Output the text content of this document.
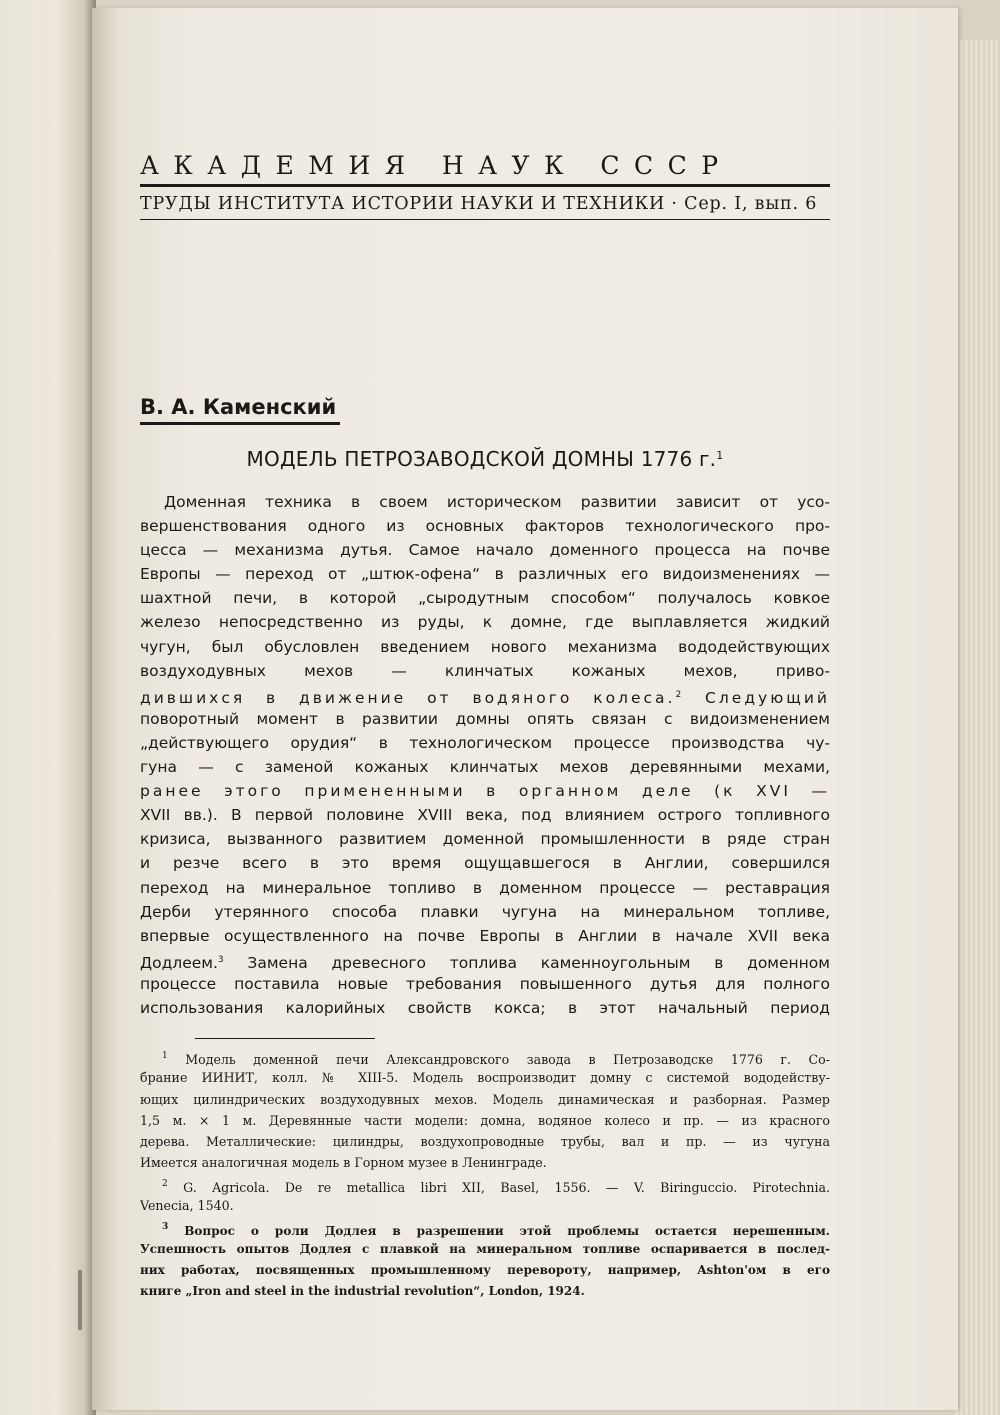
АКАДЕМИЯ НАУК СССР
ТРУДЫ ИНСТИТУТА ИСТОРИИ НАУКИ И ТЕХНИКИ · Сер. I, вып. 6
В. А. Каменский
МОДЕЛЬ ПЕТРОЗАВОДСКОЙ ДОМНЫ 1776 г.$^1$
Доменная техника в своем историческом развитии зависит от усо-
вершенствования одного из основных факторов технологического про-
цесса — механизма дутья. Самое начало доменного процесса на почве
Европы — переход от „штюк-офена“ в различных его видоизменениях —
шахтной печи, в которой „сыродутным способом“ получалось ковкое
железо непосредственно из руды, к домне, где выплавляется жидкий
чугун, был обусловлен введением нового механизма вододействующих
воздуходувных мехов — клинчатых кожаных мехов, приво-
дившихся в движение от водяного колеса.$^2$ Следующий
поворотный момент в развитии домны опять связан с видоизменением
„действующего орудия“ в технологическом процессе производства чу-
гуна — с заменой кожаных клинчатых мехов деревянными мехами,
ранее этого примененными в органном деле (к XVI —
XVII вв.). В первой половине XVIII века, под влиянием острого топливного
кризиса, вызванного развитием доменной промышленности в ряде стран
и резче всего в это время ощущавшегося в Англии, совершился
переход на минеральное топливо в доменном процессе — реставрация
Дерби утерянного способа плавки чугуна на минеральном топливе,
впервые осуществленного на почве Европы в Англии в начале XVII века
Додлеем.$^3$ Замена древесного топлива каменноугольным в доменном
процессе поставила новые требования повышенного дутья для полного
использования калорийных свойств кокса; в этот начальный период
$^1$ Модель доменной печи Александровского завода в Петрозаводске 1776 г. Со-
брание ИИНИТ, колл. № XIII-5. Модель воспроизводит домну с системой вододейству-
ющих цилиндрических воздуходувных мехов. Модель динамическая и разборная. Размер
1,5 м. × 1 м. Деревянные части модели: домна, водяное колесо и пр. — из красного
дерева. Металлические: цилиндры, воздухопроводные трубы, вал и пр. — из чугуна
Имеется аналогичная модель в Горном музее в Ленинграде.
$^2$ G. Agricola. De re metallica libri XII, Basel, 1556. — V. Biringuccio. Pirotechnia.
Venecia, 1540.
$^3$ Вопрос о роли Додлея в разрешении этой проблемы остается нерешенным.
Успешность опытов Додлея с плавкой на минеральном топливе оспаривается в послед-
них работах, посвященных промышленному перевороту, например, Ashton'ом в его
книге „Iron and steel in the industrial revolution“, London, 1924.
